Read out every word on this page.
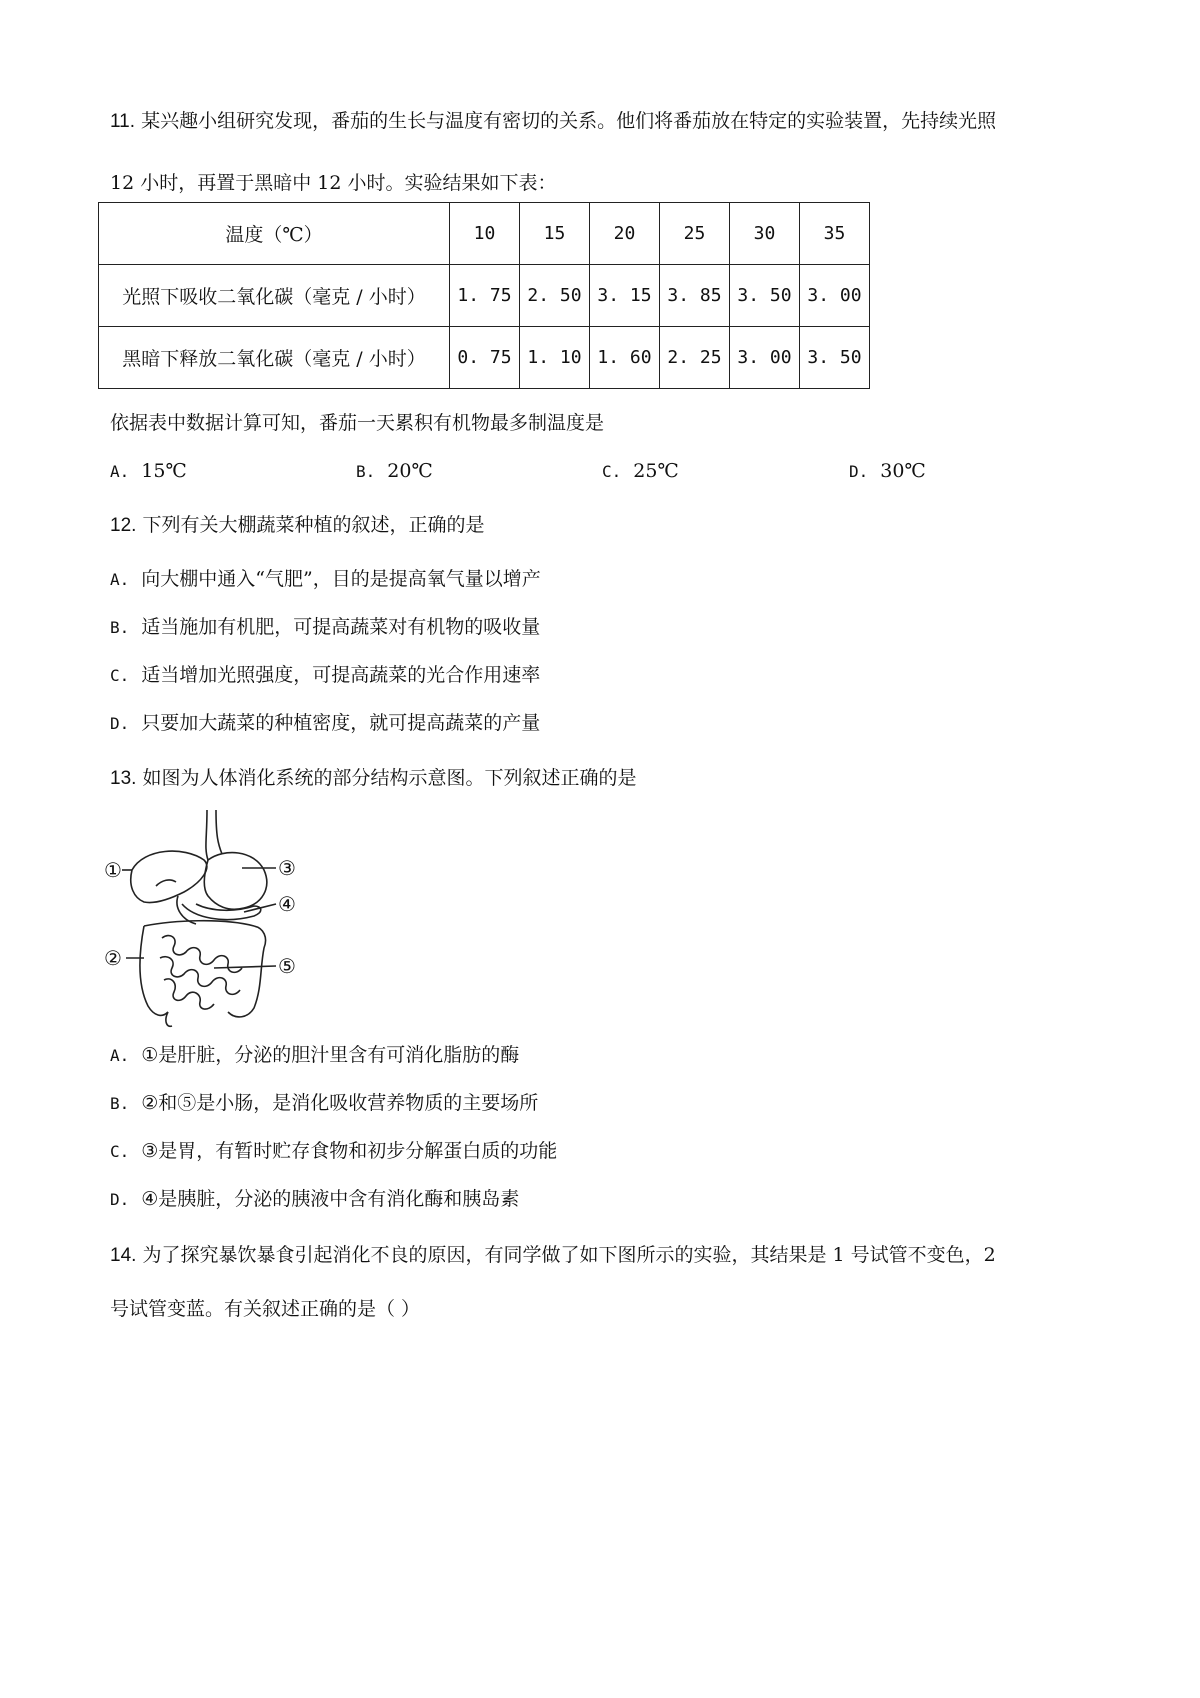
11. 某兴趣小组研究发现，番茄的生长与温度有密切的关系。他们将番茄放在特定的实验装置，先持续光照
12 小时，再置于黑暗中 12 小时。实验结果如下表：
温度（℃）	10	15	20	25	30	35
光照下吸收二氧化碳（毫克 / 小时）	1. 75	2. 50	3. 15	3. 85	3. 50	3. 00
黑暗下释放二氧化碳（毫克 / 小时）	0. 75	1. 10	1. 60	2. 25	3. 00	3. 50
依据表中数据计算可知，番茄一天累积有机物最多制温度是
A. 15℃	B. 20℃	C. 25℃	D. 30℃
12. 下列有关大棚蔬菜种植的叙述，正确的是
A. 向大棚中通入“气肥”，目的是提高氧气量以增产
B. 适当施加有机肥，可提高蔬菜对有机物的吸收量
C. 适当增加光照强度，可提高蔬菜的光合作用速率
D. 只要加大蔬菜的种植密度，就可提高蔬菜的产量
13. 如图为人体消化系统的部分结构示意图。下列叙述正确的是
①
②
③
④
⑤
A. ①是肝脏，分泌的胆汁里含有可消化脂肪的酶
B. ②和⑤是小肠，是消化吸收营养物质的主要场所
C. ③是胃，有暂时贮存食物和初步分解蛋白质的功能
D. ④是胰脏，分泌的胰液中含有消化酶和胰岛素
14. 为了探究暴饮暴食引起消化不良的原因，有同学做了如下图所示的实验，其结果是 1 号试管不变色，2
号试管变蓝。有关叙述正确的是（ ）
